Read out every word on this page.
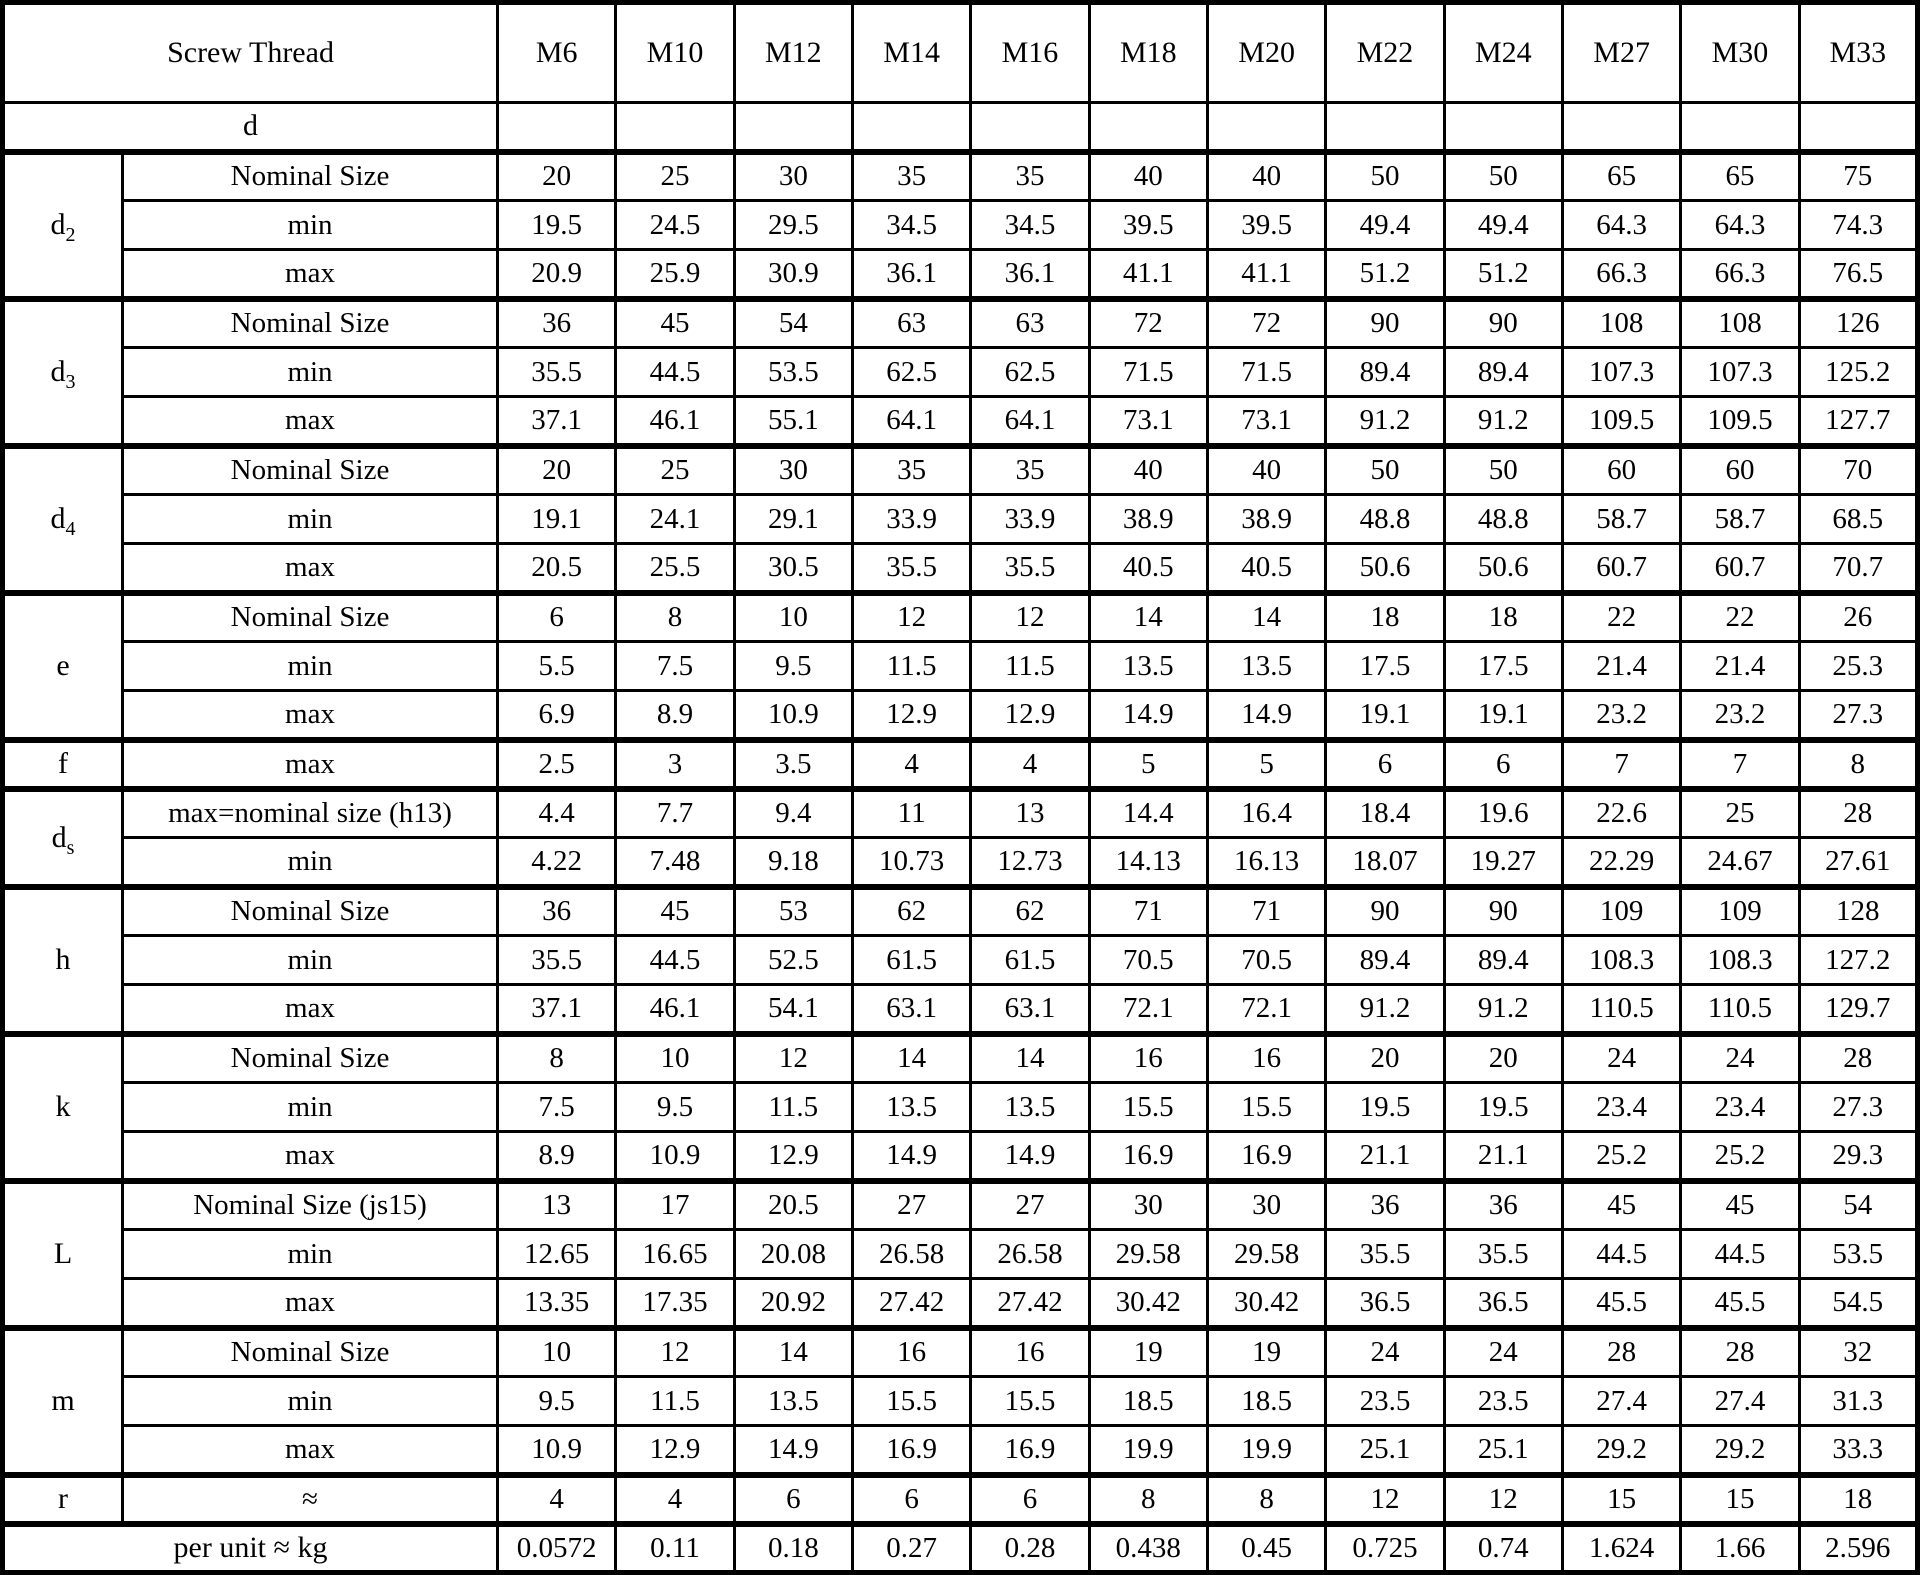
Screw Thread		M6	M10	M12	M14	M16	M18	M20	M22	M24	M27	M30	M33
d													
$d_2$	Nominal Size	20	25	30	35	35	40	40	50	50	65	65	75
	min	19.5	24.5	29.5	34.5	34.5	39.5	39.5	49.4	49.4	64.3	64.3	74.3
	max	20.9	25.9	30.9	36.1	36.1	41.1	41.1	51.2	51.2	66.3	66.3	76.5
$d_3$	Nominal Size	36	45	54	63	63	72	72	90	90	108	108	126
	min	35.5	44.5	53.5	62.5	62.5	71.5	71.5	89.4	89.4	107.3	107.3	125.2
	max	37.1	46.1	55.1	64.1	64.1	73.1	73.1	91.2	91.2	109.5	109.5	127.7
$d_4$	Nominal Size	20	25	30	35	35	40	40	50	50	60	60	70
	min	19.1	24.1	29.1	33.9	33.9	38.9	38.9	48.8	48.8	58.7	58.7	68.5
	max	20.5	25.5	30.5	35.5	35.5	40.5	40.5	50.6	50.6	60.7	60.7	70.7
e	Nominal Size	6	8	10	12	12	14	14	18	18	22	22	26
	min	5.5	7.5	9.5	11.5	11.5	13.5	13.5	17.5	17.5	21.4	21.4	25.3
	max	6.9	8.9	10.9	12.9	12.9	14.9	14.9	19.1	19.1	23.2	23.2	27.3
f	max	2.5	3	3.5	4	4	5	5	6	6	7	7	8
$d_s$	max=nominal size (h13)	4.4	7.7	9.4	11	13	14.4	16.4	18.4	19.6	22.6	25	28
	min	4.22	7.48	9.18	10.73	12.73	14.13	16.13	18.07	19.27	22.29	24.67	27.61
h	Nominal Size	36	45	53	62	62	71	71	90	90	109	109	128
	min	35.5	44.5	52.5	61.5	61.5	70.5	70.5	89.4	89.4	108.3	108.3	127.2
	max	37.1	46.1	54.1	63.1	63.1	72.1	72.1	91.2	91.2	110.5	110.5	129.7
k	Nominal Size	8	10	12	14	14	16	16	20	20	24	24	28
	min	7.5	9.5	11.5	13.5	13.5	15.5	15.5	19.5	19.5	23.4	23.4	27.3
	max	8.9	10.9	12.9	14.9	14.9	16.9	16.9	21.1	21.1	25.2	25.2	29.3
L	Nominal Size (js15)	13	17	20.5	27	27	30	30	36	36	45	45	54
	min	12.65	16.65	20.08	26.58	26.58	29.58	29.58	35.5	35.5	44.5	44.5	53.5
	max	13.35	17.35	20.92	27.42	27.42	30.42	30.42	36.5	36.5	45.5	45.5	54.5
m	Nominal Size	10	12	14	16	16	19	19	24	24	28	28	32
	min	9.5	11.5	13.5	15.5	15.5	18.5	18.5	23.5	23.5	27.4	27.4	31.3
	max	10.9	12.9	14.9	16.9	16.9	19.9	19.9	25.1	25.1	29.2	29.2	33.3
r	≈	4	4	6	6	6	8	8	12	12	15	15	18
per unit ≈ kg		0.0572	0.11	0.18	0.27	0.28	0.438	0.45	0.725	0.74	1.624	1.66	2.596
